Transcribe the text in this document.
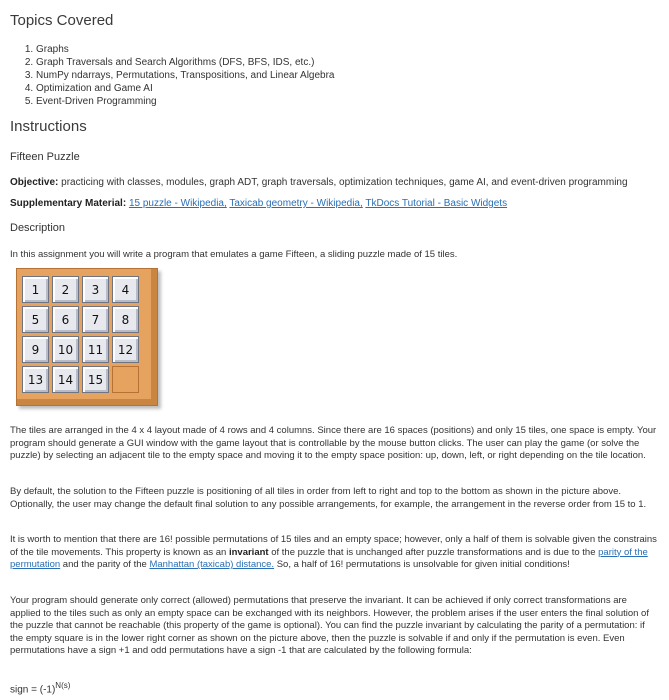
Topics Covered
1. Graphs
2. Graph Traversals and Search Algorithms (DFS, BFS, IDS, etc.)
3. NumPy ndarrays, Permutations, Transpositions, and Linear Algebra
4. Optimization and Game AI
5. Event-Driven Programming
Instructions
Fifteen Puzzle
Objective: practicing with classes, modules, graph ADT, graph traversals, optimization techniques, game AI, and event-driven programming
Supplementary Material: 15 puzzle - Wikipedia, Taxicab geometry - Wikipedia, TkDocs Tutorial - Basic Widgets
Description

In this assignment you will write a program that emulates a game Fifteen, a sliding puzzle made of 15 tiles.

1	2	3	4
5	6	7	8
9	10	11	12
13	14	15

The tiles are arranged in the 4 x 4 layout made of 4 rows and 4 columns. Since there are 16 spaces (positions) and only 15 tiles, one space is empty. Your program should generate a GUI window with the game layout that is controllable by the mouse button clicks. The user can play the game (or solve the puzzle) by selecting an adjacent tile to the empty space and moving it to the empty space position: up, down, left, or right depending on the tile location.

By default, the solution to the Fifteen puzzle is positioning of all tiles in order from left to right and top to the bottom as shown in the picture above. Optionally, the user may change the default final solution to any possible arrangements, for example, the arrangement in the reverse order from 15 to 1.

It is worth to mention that there are 16! possible permutations of 15 tiles and an empty space; however, only a half of them is solvable given the constrains of the tile movements. This property is known as an invariant of the puzzle that is unchanged after puzzle transformations and is due to the parity of the permutation and the parity of the Manhattan (taxicab) distance. So, a half of 16! permutations is unsolvable for given initial conditions!

Your program should generate only correct (allowed) permutations that preserve the invariant. It can be achieved if only correct transformations are applied to the tiles such as only an empty space can be exchanged with its neighbors. However, the problem arises if the user enters the final solution of the puzzle that cannot be reachable (this property of the game is optional). You can find the puzzle invariant by calculating the parity of a permutation: if the empty square is in the lower right corner as shown on the picture above, then the puzzle is solvable if and only if the permutation is even. Even permutations have a sign +1 and odd permutations have a sign -1 that are calculated by the following formula:

sign = $(-1)^{N(s)}$
